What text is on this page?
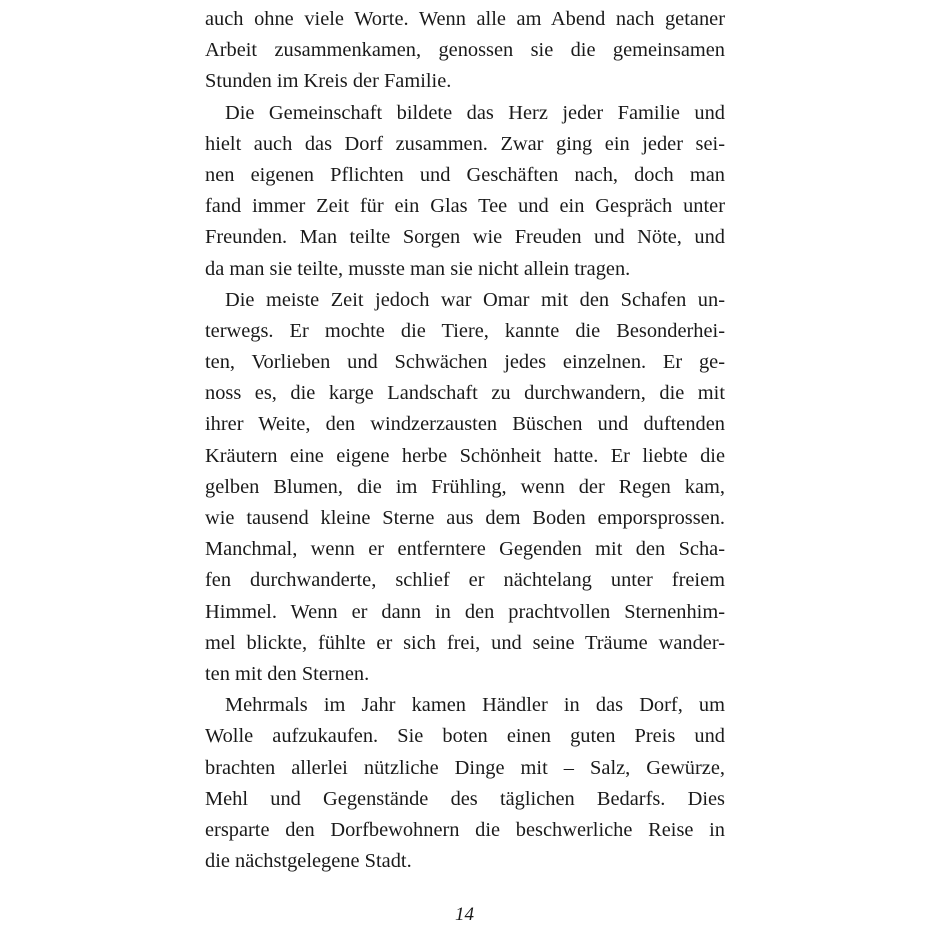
auch ohne viele Worte. Wenn alle am Abend nach getaner
Arbeit zusammenkamen, genossen sie die gemeinsamen
Stunden im Kreis der Familie.
Die Gemeinschaft bildete das Herz jeder Familie und
hielt auch das Dorf zusammen. Zwar ging ein jeder sei-
nen eigenen Pflichten und Geschäften nach, doch man
fand immer Zeit für ein Glas Tee und ein Gespräch unter
Freunden. Man teilte Sorgen wie Freuden und Nöte, und
da man sie teilte, musste man sie nicht allein tragen.
Die meiste Zeit jedoch war Omar mit den Schafen un-
terwegs. Er mochte die Tiere, kannte die Besonderhei-
ten, Vorlieben und Schwächen jedes einzelnen. Er ge-
noss es, die karge Landschaft zu durchwandern, die mit
ihrer Weite, den windzerzausten Büschen und duftenden
Kräutern eine eigene herbe Schönheit hatte. Er liebte die
gelben Blumen, die im Frühling, wenn der Regen kam,
wie tausend kleine Sterne aus dem Boden emporsprossen.
Manchmal, wenn er entferntere Gegenden mit den Scha-
fen durchwanderte, schlief er nächtelang unter freiem
Himmel. Wenn er dann in den prachtvollen Sternenhim-
mel blickte, fühlte er sich frei, und seine Träume wander-
ten mit den Sternen.
Mehrmals im Jahr kamen Händler in das Dorf, um
Wolle aufzukaufen. Sie boten einen guten Preis und
brachten allerlei nützliche Dinge mit – Salz, Gewürze,
Mehl und Gegenstände des täglichen Bedarfs. Dies
ersparte den Dorfbewohnern die beschwerliche Reise in
die nächstgelegene Stadt.
14
